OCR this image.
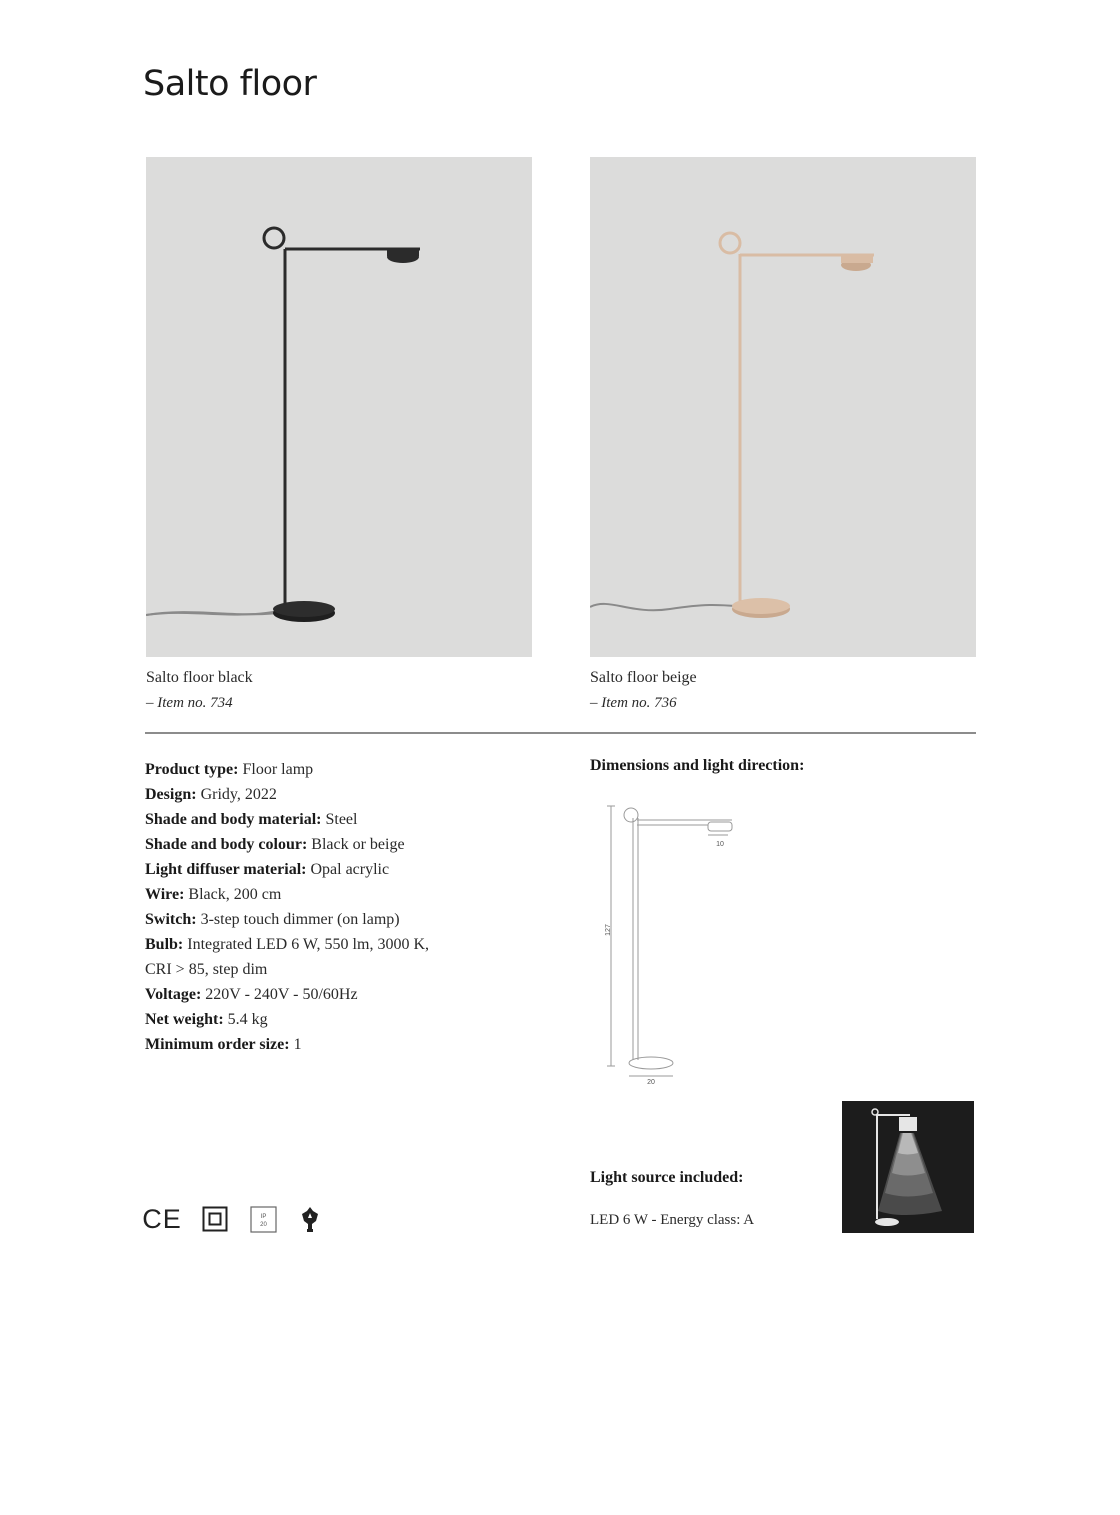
Salto floor
Salto floor black
– Item no. 734
Salto floor beige
– Item no. 736
Product type: Floor lamp
Design: Gridy, 2022
Shade and body material: Steel
Shade and body colour: Black or beige
Light diffuser material: Opal acrylic
Wire: Black, 200 cm
Switch: 3-step touch dimmer (on lamp)
Bulb: Integrated LED 6 W, 550 lm, 3000 K,
CRI > 85, step dim
Voltage: 220V - 240V - 50/60Hz
Net weight: 5.4 kg
Minimum order size: 1
Dimensions and light direction:
10
127
20
Light source included:
LED 6 W - Energy class: A
CE	IP
20
